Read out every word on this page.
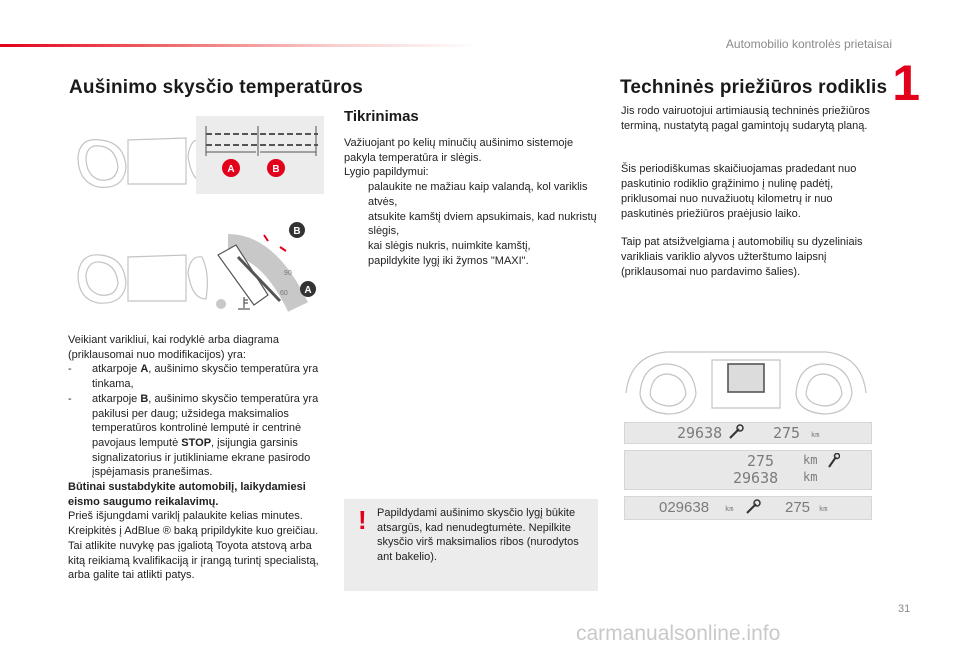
Automobilio kontrolės prietaisai
1
Aušinimo skysčio temperatūros
A	B
90
60
B
A

Veikiant varikliui, kai rodyklė arba diagrama (priklausomai nuo modifikacijos) yra:

- atkarpoje A, aušinimo skysčio temperatūra yra tinkama,
- atkarpoje B, aušinimo skysčio temperatūra yra pakilusi per daug; užsidega maksimalios temperatūros kontrolinė lemputė ir centrinė pavojaus lemputė STOP, įsijungia garsinis signalizatorius ir jutikliniame ekrane pasirodo įspėjamasis pranešimas.

Būtinai sustabdykite automobilį, laikydamiesi eismo saugumo reikalavimų.

Prieš išjungdami variklį palaukite kelias minutes. Kreipkitės į AdBlue ® baką pripildykite kuo greičiau. Tai atlikite nuvykę pas įgaliotą Toyota atstovą arba kitą reikiamą kvalifikaciją ir įrangą turintį specialistą, arba galite tai atlikti patys.

Tikrinimas

Važiuojant po kelių minučių aušinimo sistemoje pakyla temperatūra ir slėgis.

Lygio papildymui:

palaukite ne mažiau kaip valandą, kol variklis atvės,
atsukite kamštį dviem apsukimais, kad nukristų slėgis,
kai slėgis nukris, nuimkite kamštį,
papildykite lygį iki žymos "MAXI".
! Papildydami aušinimo skysčio lygį būkite atsargūs, kad nenudegtumėte. Nepilkite skysčio virš maksimalios ribos (nurodytos ant bakelio).
Techninės priežiūros rodiklis

Jis rodo vairuotojui artimiausią techninės priežiūros terminą, nustatytą pagal gamintojų sudarytą planą.

Šis periodiškumas skaičiuojamas pradedant nuo paskutinio rodiklio grąžinimo į nulinę padėtį, priklusomai nuo nuvažiuotų kilometrų ir nuo paskutinės priežiūros praėjusio laiko.

Taip pat atsižvelgiama į automobilių su dyzeliniais varikliais variklio alyvos užterštumo laipsnį (priklausomai nuo pardavimo šalies).

29638	275 km
275 km
29638 km
029638 km	275 km
31
carmanualsonline.info
